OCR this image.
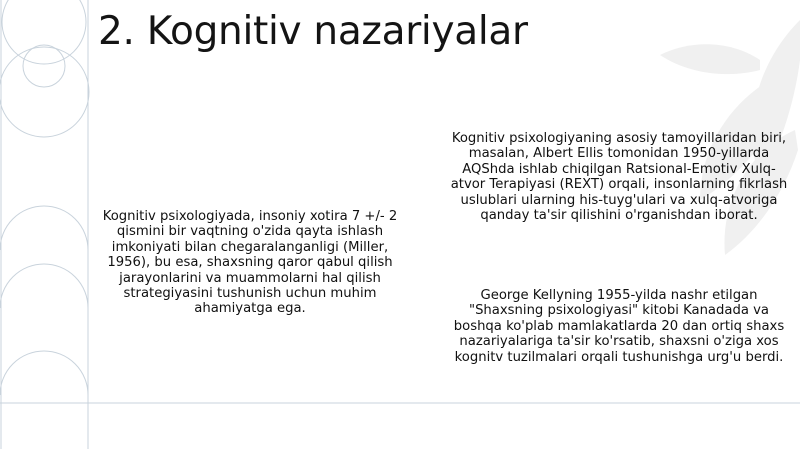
2. Kognitiv nazariyalar

Kognitiv psixologiyada, insoniy xotira 7 +/- 2 qismini bir vaqtning o'zida qayta ishlash imkoniyati bilan chegaralanganligi (Miller, 1956), bu esa, shaxsning qaror qabul qilish jarayonlarini va muammolarni hal qilish strategiyasini tushunish uchun muhim ahamiyatga ega.

Kognitiv psixologiyaning asosiy tamoyillaridan biri, masalan, Albert Ellis tomonidan 1950-yillarda AQShda ishlab chiqilgan Ratsional-Emotiv Xulq-atvor Terapiyasi (REXT) orqali, insonlarning fikrlash uslublari ularning his-tuyg'ulari va xulq-atvoriga qanday ta'sir qilishini o'rganishdan iborat.

George Kellyning 1955-yilda nashr etilgan "Shaxsning psixologiyasi" kitobi Kanadada va boshqa ko'plab mamlakatlarda 20 dan ortiq shaxs nazariyalariga ta'sir ko'rsatib, shaxsni o'ziga xos kognitv tuzilmalari orqali tushunishga urg'u berdi.
